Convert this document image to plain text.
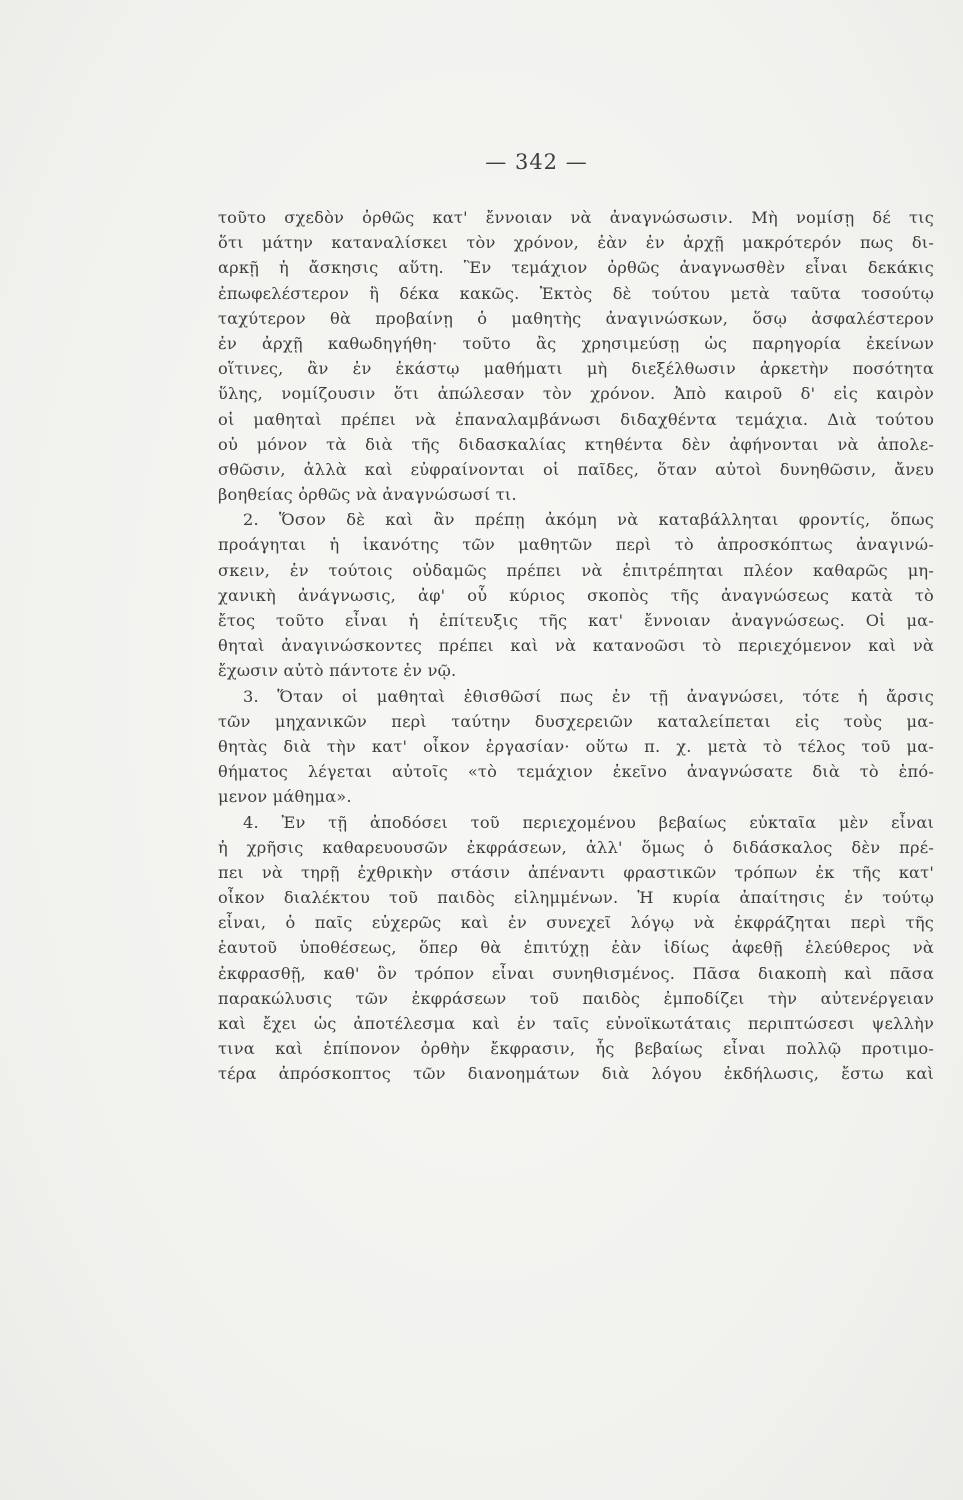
— 342 —
τοῦτο σχεδὸν ὀρθῶς κατ' ἔννοιαν νὰ ἀναγνώσωσιν. Μὴ νομίσῃ δέ τις
ὅτι μάτην καταναλίσκει τὸν χρόνον, ἐὰν ἐν ἀρχῇ μακρότερόν πως δι-
αρκῇ ἡ ἄσκησις αὕτη. Ἓν τεμάχιον ὀρθῶς ἀναγνωσθὲν εἶναι δεκάκις
ἐπωφελέστερον ἢ δέκα κακῶς. Ἐκτὸς δὲ τούτου μετὰ ταῦτα τοσούτῳ
ταχύτερον θὰ προβαίνῃ ὁ μαθητὴς ἀναγινώσκων, ὅσῳ ἀσφαλέστερον
ἐν ἀρχῇ καθωδηγήθη· τοῦτο ἂς χρησιμεύσῃ ὡς παρηγορία ἐκείνων
οἵτινες, ἂν ἐν ἑκάστῳ μαθήματι μὴ διεξέλθωσιν ἀρκετὴν ποσότητα
ὕλης, νομίζουσιν ὅτι ἀπώλεσαν τὸν χρόνον. Ἀπὸ καιροῦ δ' εἰς καιρὸν
οἱ μαθηταὶ πρέπει νὰ ἐπαναλαμβάνωσι διδαχθέντα τεμάχια. Διὰ τούτου
οὐ μόνον τὰ διὰ τῆς διδασκαλίας κτηθέντα δὲν ἀφήνονται νὰ ἀπολε-
σθῶσιν, ἀλλὰ καὶ εὐφραίνονται οἱ παῖδες, ὅταν αὐτοὶ δυνηθῶσιν, ἄνευ
βοηθείας ὀρθῶς νὰ ἀναγνώσωσί τι.
2. Ὅσον δὲ καὶ ἂν πρέπῃ ἀκόμη νὰ καταβάλληται φροντίς, ὅπως
προάγηται ἡ ἱκανότης τῶν μαθητῶν περὶ τὸ ἀπροσκόπτως ἀναγινώ-
σκειν, ἐν τούτοις οὐδαμῶς πρέπει νὰ ἐπιτρέπηται πλέον καθαρῶς μη-
χανικὴ ἀνάγνωσις, ἀφ' οὗ κύριος σκοπὸς τῆς ἀναγνώσεως κατὰ τὸ
ἔτος τοῦτο εἶναι ἡ ἐπίτευξις τῆς κατ' ἔννοιαν ἀναγνώσεως. Οἱ μα-
θηταὶ ἀναγινώσκοντες πρέπει καὶ νὰ κατανοῶσι τὸ περιεχόμενον καὶ νὰ
ἔχωσιν αὐτὸ πάντοτε ἐν νῷ.
3. Ὅταν οἱ μαθηταὶ ἐθισθῶσί πως ἐν τῇ ἀναγνώσει, τότε ἡ ἄρσις
τῶν μηχανικῶν περὶ ταύτην δυσχερειῶν καταλείπεται εἰς τοὺς μα-
θητὰς διὰ τὴν κατ' οἶκον ἐργασίαν· οὕτω π. χ. μετὰ τὸ τέλος τοῦ μα-
θήματος λέγεται αὐτοῖς «τὸ τεμάχιον ἐκεῖνο ἀναγνώσατε διὰ τὸ ἑπό-
μενον μάθημα».
4. Ἐν τῇ ἀποδόσει τοῦ περιεχομένου βεβαίως εὐκταῖα μὲν εἶναι
ἡ χρῆσις καθαρευουσῶν ἐκφράσεων, ἀλλ' ὅμως ὁ διδάσκαλος δὲν πρέ-
πει νὰ τηρῇ ἐχθρικὴν στάσιν ἀπέναντι φραστικῶν τρόπων ἐκ τῆς κατ'
οἶκον διαλέκτου τοῦ παιδὸς εἰλημμένων. Ἡ κυρία ἀπαίτησις ἐν τούτῳ
εἶναι, ὁ παῖς εὐχερῶς καὶ ἐν συνεχεῖ λόγῳ νὰ ἐκφράζηται περὶ τῆς
ἑαυτοῦ ὑποθέσεως, ὅπερ θὰ ἐπιτύχῃ ἐὰν ἰδίως ἀφεθῇ ἐλεύθερος νὰ
ἐκφρασθῇ, καθ' ὃν τρόπον εἶναι συνηθισμένος. Πᾶσα διακοπὴ καὶ πᾶσα
παρακώλυσις τῶν ἐκφράσεων τοῦ παιδὸς ἐμποδίζει τὴν αὐτενέργειαν
καὶ ἔχει ὡς ἀποτέλεσμα καὶ ἐν ταῖς εὐνοϊκωτάταις περιπτώσεσι ψελλὴν
τινα καὶ ἐπίπονον ὀρθὴν ἔκφρασιν, ἧς βεβαίως εἶναι πολλῷ προτιμο-
τέρα ἀπρόσκοπτος τῶν διανοημάτων διὰ λόγου ἐκδήλωσις, ἔστω καὶ
